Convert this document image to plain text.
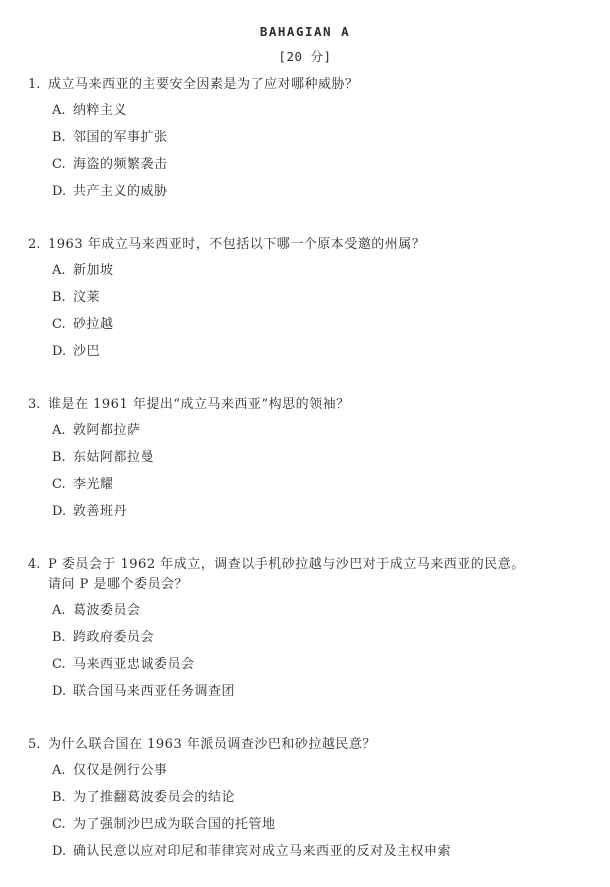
BAHAGIAN A
[20 分]
1. 成立马来西亚的主要安全因素是为了应对哪种威胁？
A. 纳粹主义
B. 邻国的军事扩张
C. 海盗的频繁袭击
D. 共产主义的威胁
2. 1963 年成立马来西亚时，不包括以下哪一个原本受邀的州属？
A. 新加坡
B. 汶莱
C. 砂拉越
D. 沙巴
3. 谁是在 1961 年提出“成立马来西亚”构思的领袖？
A. 敦阿都拉萨
B. 东姑阿都拉曼
C. 李光耀
D. 敦善班丹
4. P 委员会于 1962 年成立，调查以手机砂拉越与沙巴对于成立马来西亚的民意。
请问 P 是哪个委员会？
A. 葛波委员会
B. 跨政府委员会
C. 马来西亚忠诚委员会
D. 联合国马来西亚任务调查团
5. 为什么联合国在 1963 年派员调查沙巴和砂拉越民意？
A. 仅仅是例行公事
B. 为了推翻葛波委员会的结论
C. 为了强制沙巴成为联合国的托管地
D. 确认民意以应对印尼和菲律宾对成立马来西亚的反对及主权申索
